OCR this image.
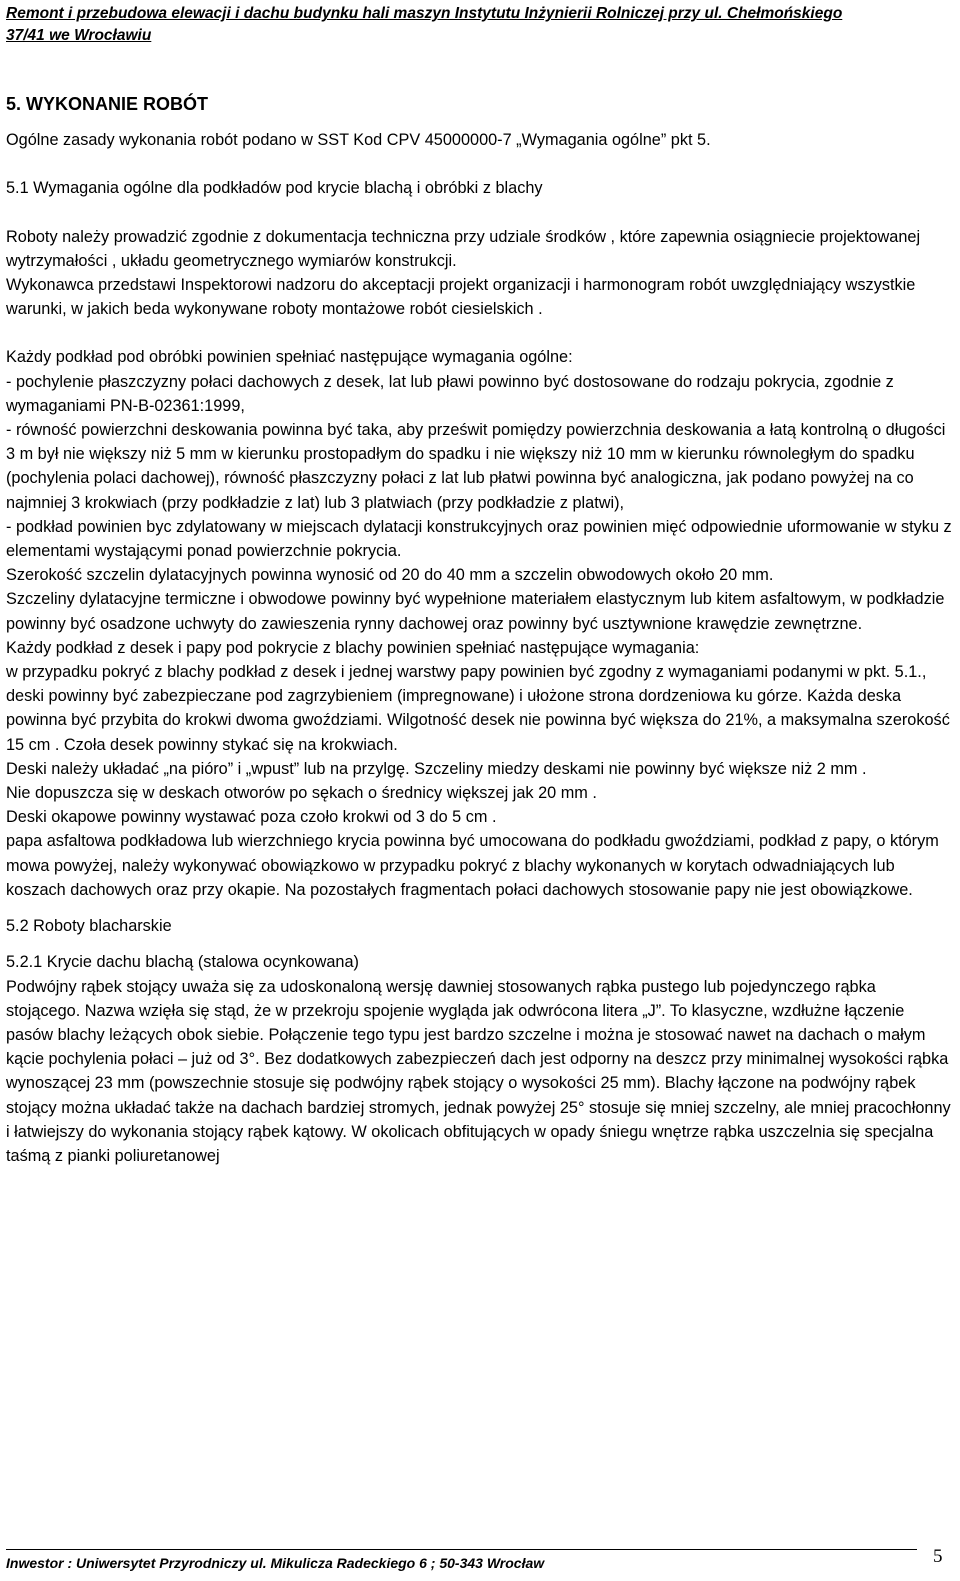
Remont i przebudowa elewacji i dachu budynku hali maszyn Instytutu Inżynierii Rolniczej przy ul. Chełmońskiego
37/41 we Wrocławiu

5. WYKONANIE ROBÓT

Ogólne zasady wykonania robót podano w SST Kod CPV 45000000-7 „Wymagania ogólne” pkt 5.

5.1 Wymagania ogólne dla podkładów pod krycie blachą i obróbki z blachy

Roboty należy prowadzić zgodnie z dokumentacja techniczna przy udziale środków , które zapewnia osiągniecie projektowanej wytrzymałości , układu geometrycznego wymiarów konstrukcji.

Wykonawca przedstawi Inspektorowi nadzoru do akceptacji projekt organizacji i harmonogram robót uwzględniający wszystkie warunki, w jakich beda wykonywane roboty montażowe robót ciesielskich .

Każdy podkład pod obróbki powinien spełniać następujące wymagania ogólne:

- pochylenie płaszczyzny połaci dachowych z desek, lat lub pławi powinno być dostosowane do rodzaju pokrycia, zgodnie z wymaganiami PN-B-02361:1999,

- równość powierzchni deskowania powinna być taka, aby prześwit pomiędzy powierzchnia deskowania a łatą kontrolną o długości 3 m był nie większy niż 5 mm w kierunku prostopadłym do spadku i nie większy niż 10 mm w kierunku równoległym do spadku (pochylenia polaci dachowej), równość płaszczyzny połaci z lat lub płatwi powinna być analogiczna, jak podano powyżej na co najmniej 3 krokwiach (przy podkładzie z lat) lub 3 platwiach (przy podkładzie z platwi),

- podkład powinien byc zdylatowany w miejscach dylatacji konstrukcyjnych oraz powinien mięć odpowiednie uformowanie w styku z elementami wystającymi ponad powierzchnie pokrycia.

Szerokość szczelin dylatacyjnych powinna wynosić od 20 do 40 mm a szczelin obwodowych około 20 mm.

Szczeliny dylatacyjne termiczne i obwodowe powinny być wypełnione materiałem elastycznym lub kitem asfaltowym, w podkładzie powinny być osadzone uchwyty do zawieszenia rynny dachowej oraz powinny być usztywnione krawędzie zewnętrzne.

Każdy podkład z desek i papy pod pokrycie z blachy powinien spełniać następujące wymagania:

w przypadku pokryć z blachy podkład z desek i jednej warstwy papy powinien być zgodny z wymaganiami podanymi w pkt. 5.1.,

deski powinny być zabezpieczane pod zagrzybieniem (impregnowane) i ułożone strona dordzeniowa ku górze. Każda deska powinna być przybita do krokwi dwoma gwoździami. Wilgotność desek nie powinna być większa do 21%, a maksymalna szerokość 15 cm . Czoła desek powinny stykać się na krokwiach.

Deski należy układać „na pióro” i „wpust” lub na przylgę. Szczeliny miedzy deskami nie powinny być większe niż 2 mm .

Nie dopuszcza się w deskach otworów po sękach o średnicy większej jak 20 mm .

Deski okapowe powinny wystawać poza czoło krokwi od 3 do 5 cm .

papa asfaltowa podkładowa lub wierzchniego krycia powinna być umocowana do podkładu gwoździami, podkład z papy, o którym mowa powyżej, należy wykonywać obowiązkowo w przypadku pokryć z blachy wykonanych w korytach odwadniających lub koszach dachowych oraz przy okapie. Na pozostałych fragmentach połaci dachowych stosowanie papy nie jest obowiązkowe.

5.2 Roboty blacharskie

5.2.1 Krycie dachu blachą (stalowa ocynkowana)

Podwójny rąbek stojący uważa się za udoskonaloną wersję dawniej stosowanych rąbka pustego lub pojedynczego rąbka stojącego. Nazwa wzięła się stąd, że w przekroju spojenie wygląda jak odwrócona litera „J”. To klasyczne, wzdłużne łączenie pasów blachy leżących obok siebie. Połączenie tego typu jest bardzo szczelne i można je stosować nawet na dachach o małym kącie pochylenia połaci – już od 3°. Bez dodatkowych zabezpieczeń dach jest odporny na deszcz przy minimalnej wysokości rąbka wynoszącej 23 mm (powszechnie stosuje się podwójny rąbek stojący o wysokości 25 mm). Blachy łączone na podwójny rąbek stojący można układać także na dachach bardziej stromych, jednak powyżej 25° stosuje się mniej szczelny, ale mniej pracochłonny i łatwiejszy do wykonania stojący rąbek kątowy. W okolicach obfitujących w opady śniegu wnętrze rąbka uszczelnia się specjalna taśmą z pianki poliuretanowej

Inwestor : Uniwersytet Przyrodniczy ul. Mikulicza Radeckiego 6 ; 50-343 Wrocław	5
